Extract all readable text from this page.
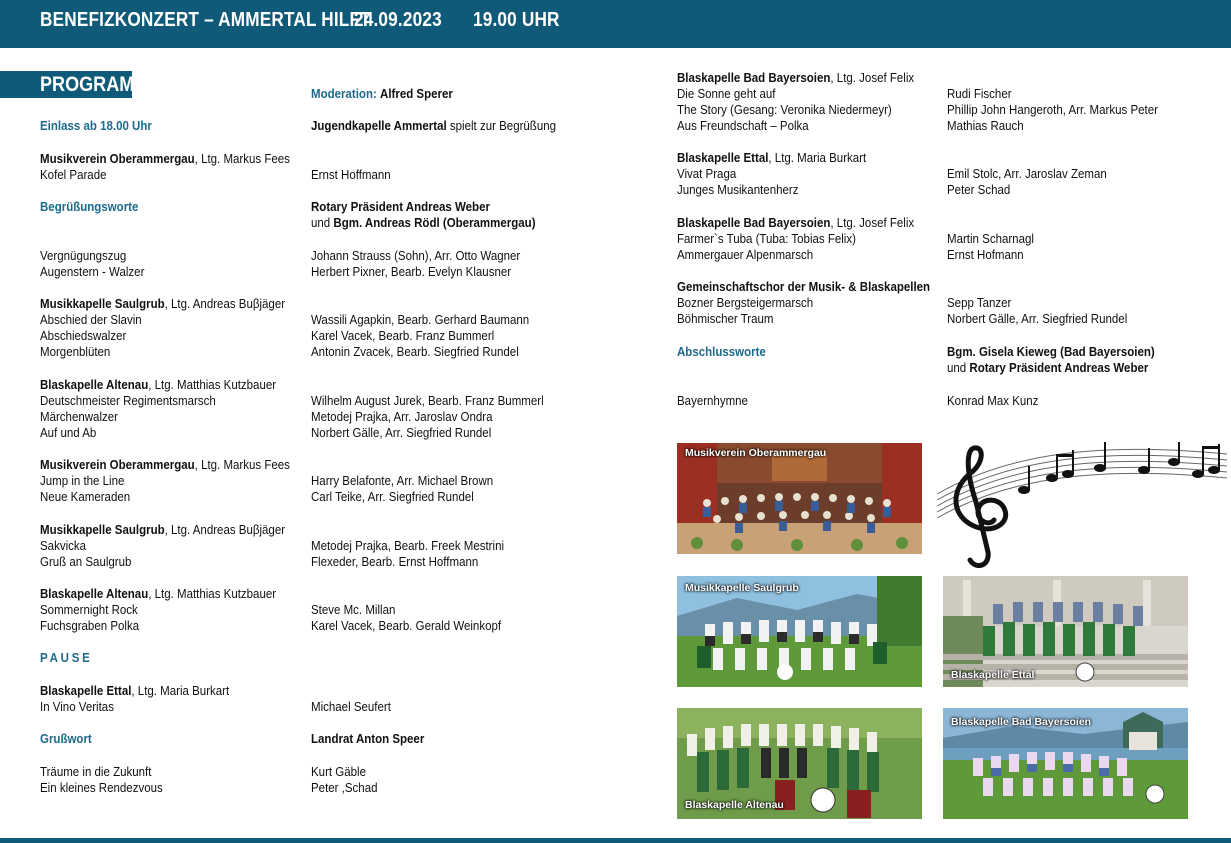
BENEFIZKONZERT – AMMERTAL HILFT
24.09.2023 19.00 UHR
PROGRAMM	Moderation: Alfred Sperer
Einlass ab 18.00 Uhr	Jugendkapelle Ammertal spielt zur Begrüßung
Musikverein Oberammergau, Ltg. Markus Fees
Kofel Parade	Ernst Hoffmann
Begrüßungsworte	Rotary Präsident Andreas Weber
und Bgm. Andreas Rödl (Oberammergau)
Vergnügungszug	Johann Strauss (Sohn), Arr. Otto Wagner
Augenstern - Walzer	Herbert Pixner, Bearb. Evelyn Klausner
Musikkapelle Saulgrub, Ltg. Andreas Buβjäger
Abschied der Slavin	Wassili Agapkin, Bearb. Gerhard Baumann
Abschiedswalzer	Karel Vacek, Bearb. Franz Bummerl
Morgenblüten	Antonin Zvacek, Bearb. Siegfried Rundel
Blaskapelle Altenau, Ltg. Matthias Kutzbauer
Deutschmeister Regimentsmarsch	Wilhelm August Jurek, Bearb. Franz Bummerl
Märchenwalzer	Metodej Prajka, Arr. Jaroslav Ondra
Auf und Ab	Norbert Gälle, Arr. Siegfried Rundel
Musikverein Oberammergau, Ltg. Markus Fees
Jump in the Line	Harry Belafonte, Arr. Michael Brown
Neue Kameraden	Carl Teike, Arr. Siegfried Rundel
Musikkapelle Saulgrub, Ltg. Andreas Buβjäger
Sakvicka	Metodej Prajka, Bearb. Freek Mestrini
Gruß an Saulgrub	Flexeder, Bearb. Ernst Hoffmann
Blaskapelle Altenau, Ltg. Matthias Kutzbauer
Sommernight Rock	Steve Mc. Millan
Fuchsgraben Polka	Karel Vacek, Bearb. Gerald Weinkopf
PAUSE
Blaskapelle Ettal, Ltg. Maria Burkart
In Vino Veritas	Michael Seufert
Grußwort	Landrat Anton Speer
Träume in die Zukunft	Kurt Gäble
Ein kleines Rendezvous	Peter ,Schad
Blaskapelle Bad Bayersoien, Ltg. Josef Felix
Die Sonne geht auf	Rudi Fischer
The Story (Gesang: Veronika Niedermeyr)	Phillip John Hangeroth, Arr. Markus Peter
Aus Freundschaft – Polka	Mathias Rauch
Blaskapelle Ettal, Ltg. Maria Burkart
Vivat Praga	Emil Stolc, Arr. Jaroslav Zeman
Junges Musikantenherz	Peter Schad
Blaskapelle Bad Bayersoien, Ltg. Josef Felix
Farmer`s Tuba (Tuba: Tobias Felix)	Martin Scharnagl
Ammergauer Alpenmarsch	Ernst Hofmann
Gemeinschaftschor der Musik- & Blaskapellen
Bozner Bergsteigermarsch	Sepp Tanzer
Böhmischer Traum	Norbert Gälle, Arr. Siegfried Rundel
Abschlussworte	Bgm. Gisela Kieweg (Bad Bayersoien)
und Rotary Präsident Andreas Weber
Bayernhymne	Konrad Max Kunz
Musikverein Oberammergau
Musikkapelle Saulgrub
Blaskapelle Ettal
Blaskapelle Altenau
Blaskapelle Bad Bayersoien
